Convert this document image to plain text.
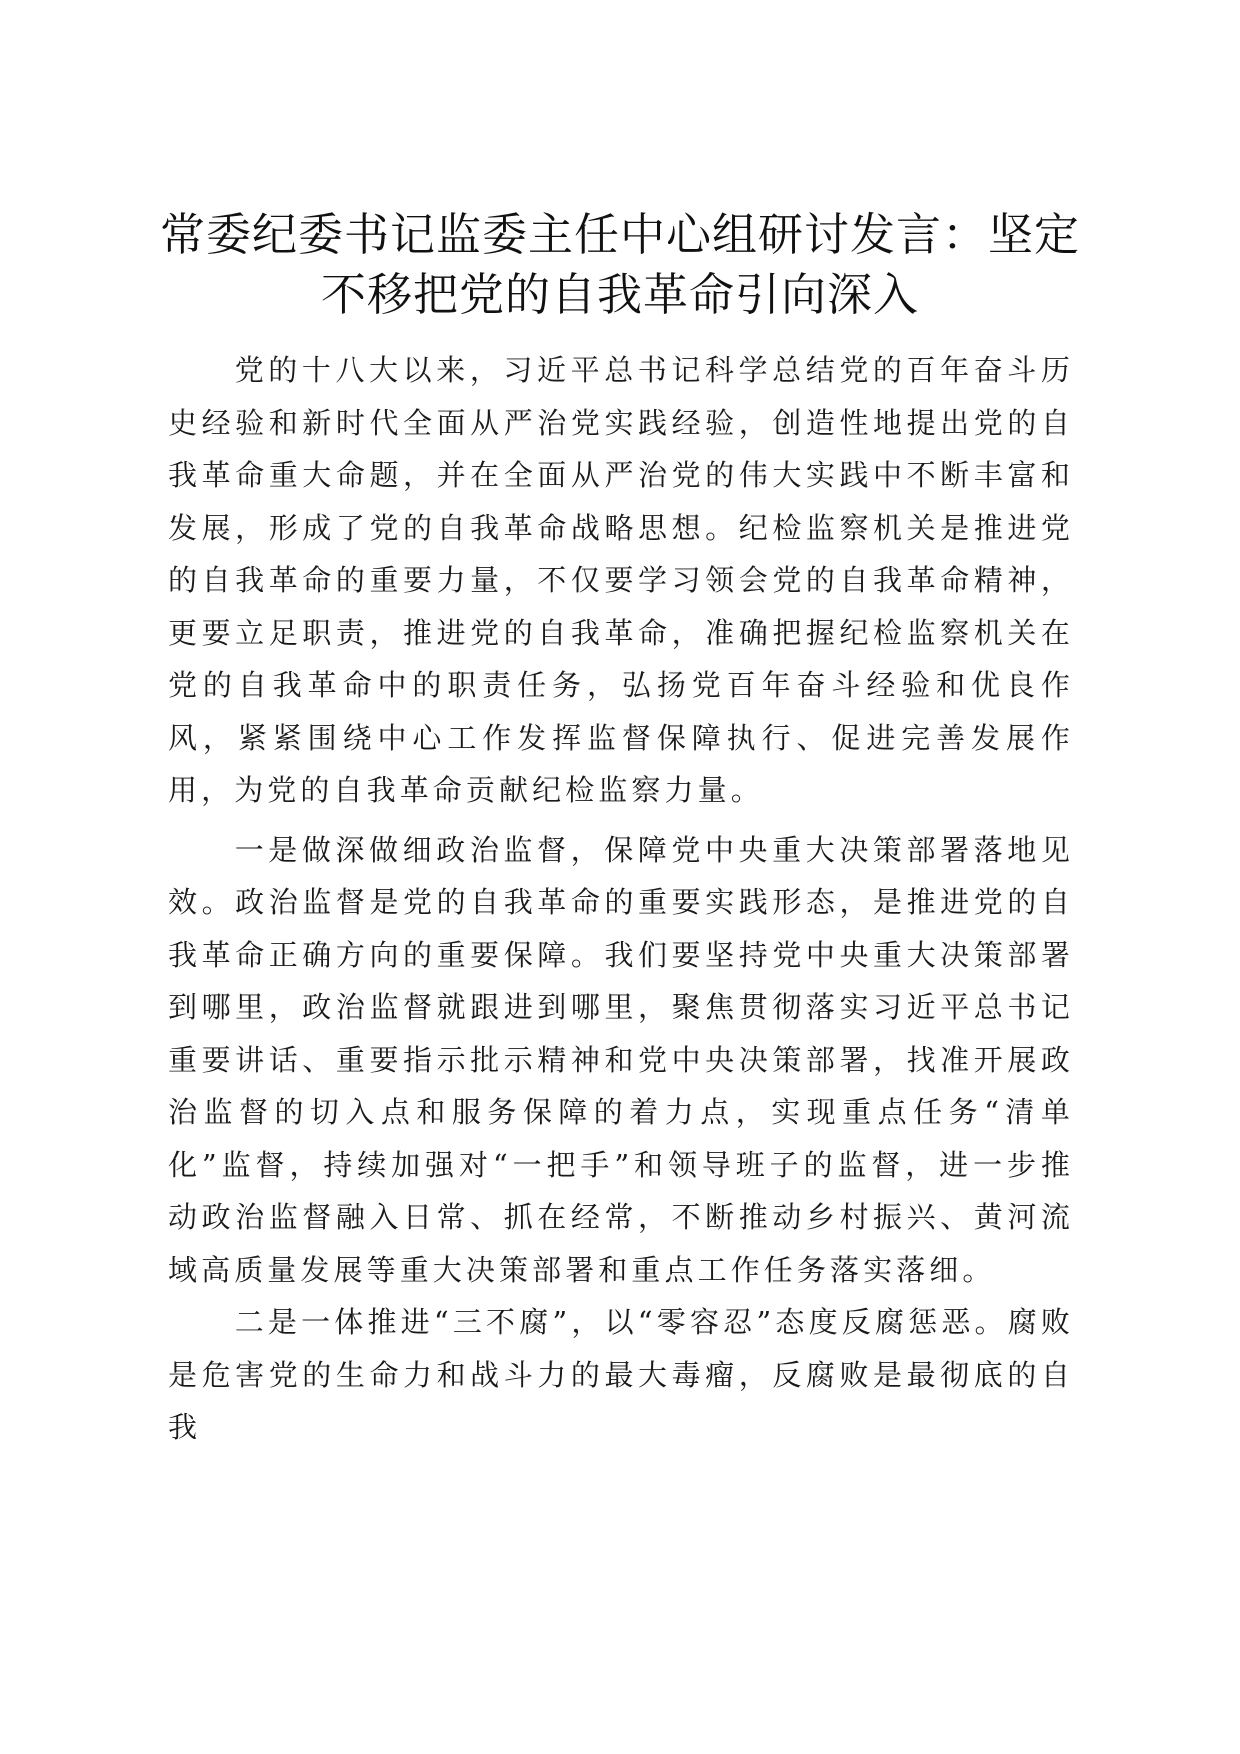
常委纪委书记监委主任中心组研讨发言：坚定
不移把党的自我革命引向深入

党的十八大以来，习近平总书记科学总结党的百年奋斗历史经验和新时代全面从严治党实践经验，创造性地提出党的自我革命重大命题，并在全面从严治党的伟大实践中不断丰富和发展，形成了党的自我革命战略思想。纪检监察机关是推进党的自我革命的重要力量，不仅要学习领会党的自我革命精神，更要立足职责，推进党的自我革命，准确把握纪检监察机关在党的自我革命中的职责任务，弘扬党百年奋斗经验和优良作风，紧紧围绕中心工作发挥监督保障执行、促进完善发展作用，为党的自我革命贡献纪检监察力量。

一是做深做细政治监督，保障党中央重大决策部署落地见效。政治监督是党的自我革命的重要实践形态，是推进党的自我革命正确方向的重要保障。我们要坚持党中央重大决策部署到哪里，政治监督就跟进到哪里，聚焦贯彻落实习近平总书记重要讲话、重要指示批示精神和党中央决策部署，找准开展政治监督的切入点和服务保障的着力点，实现重点任务“清单化”监督，持续加强对“一把手”和领导班子的监督，进一步推动政治监督融入日常、抓在经常，不断推动乡村振兴、黄河流域高质量发展等重大决策部署和重点工作任务落实落细。

二是一体推进“三不腐”，以“零容忍”态度反腐惩恶。腐败是危害党的生命力和战斗力的最大毒瘤，反腐败是最彻底的自我
